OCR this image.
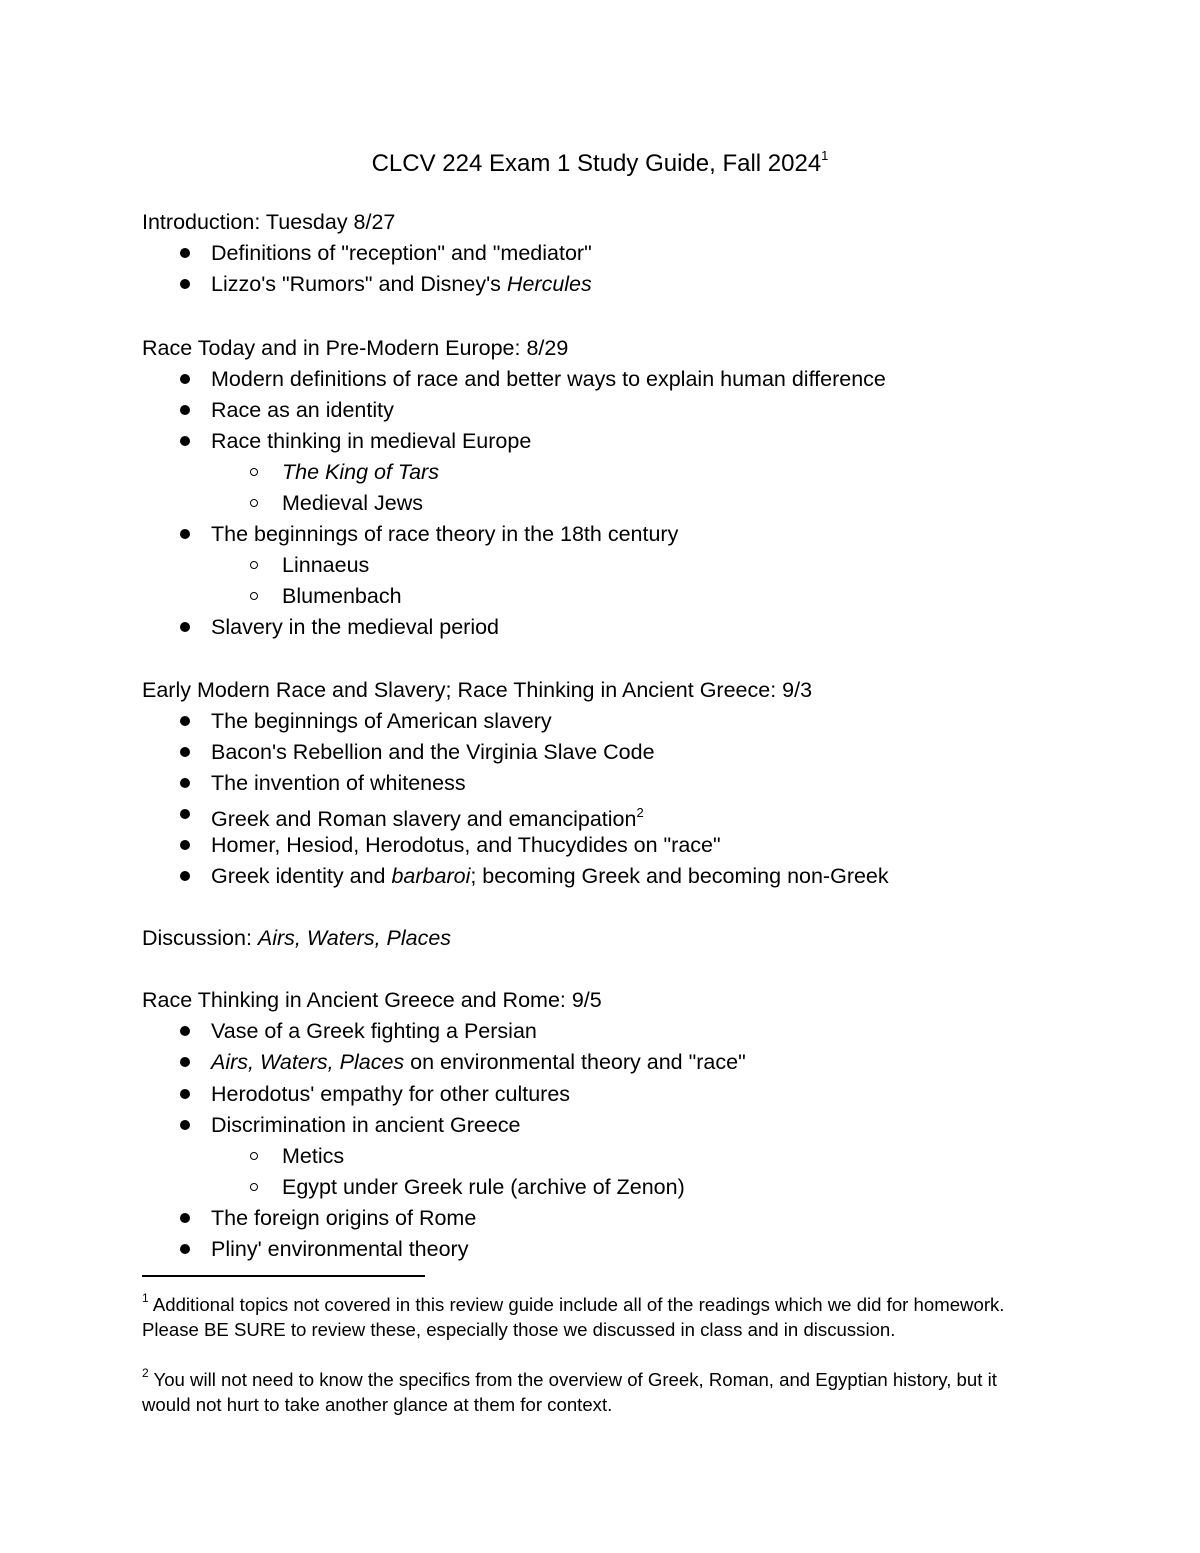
CLCV 224 Exam 1 Study Guide, Fall 2024$^1$
Introduction: Tuesday 8/27
Definitions of "reception" and "mediator"
Lizzo's "Rumors" and Disney's Hercules
Race Today and in Pre-Modern Europe: 8/29
Modern definitions of race and better ways to explain human difference
Race as an identity
Race thinking in medieval Europe
The King of Tars
Medieval Jews
The beginnings of race theory in the 18th century
Linnaeus
Blumenbach
Slavery in the medieval period
Early Modern Race and Slavery; Race Thinking in Ancient Greece: 9/3
The beginnings of American slavery
Bacon's Rebellion and the Virginia Slave Code
The invention of whiteness
Greek and Roman slavery and emancipation$^2$
Homer, Hesiod, Herodotus, and Thucydides on "race"
Greek identity and barbaroi; becoming Greek and becoming non-Greek
Discussion: Airs, Waters, Places
Race Thinking in Ancient Greece and Rome: 9/5
Vase of a Greek fighting a Persian
Airs, Waters, Places on environmental theory and "race"
Herodotus' empathy for other cultures
Discrimination in ancient Greece
Metics
Egypt under Greek rule (archive of Zenon)
The foreign origins of Rome
Pliny' environmental theory
$^1$ Additional topics not covered in this review guide include all of the readings which we did for homework. Please BE SURE to review these, especially those we discussed in class and in discussion.
$^2$ You will not need to know the specifics from the overview of Greek, Roman, and Egyptian history, but it would not hurt to take another glance at them for context.
